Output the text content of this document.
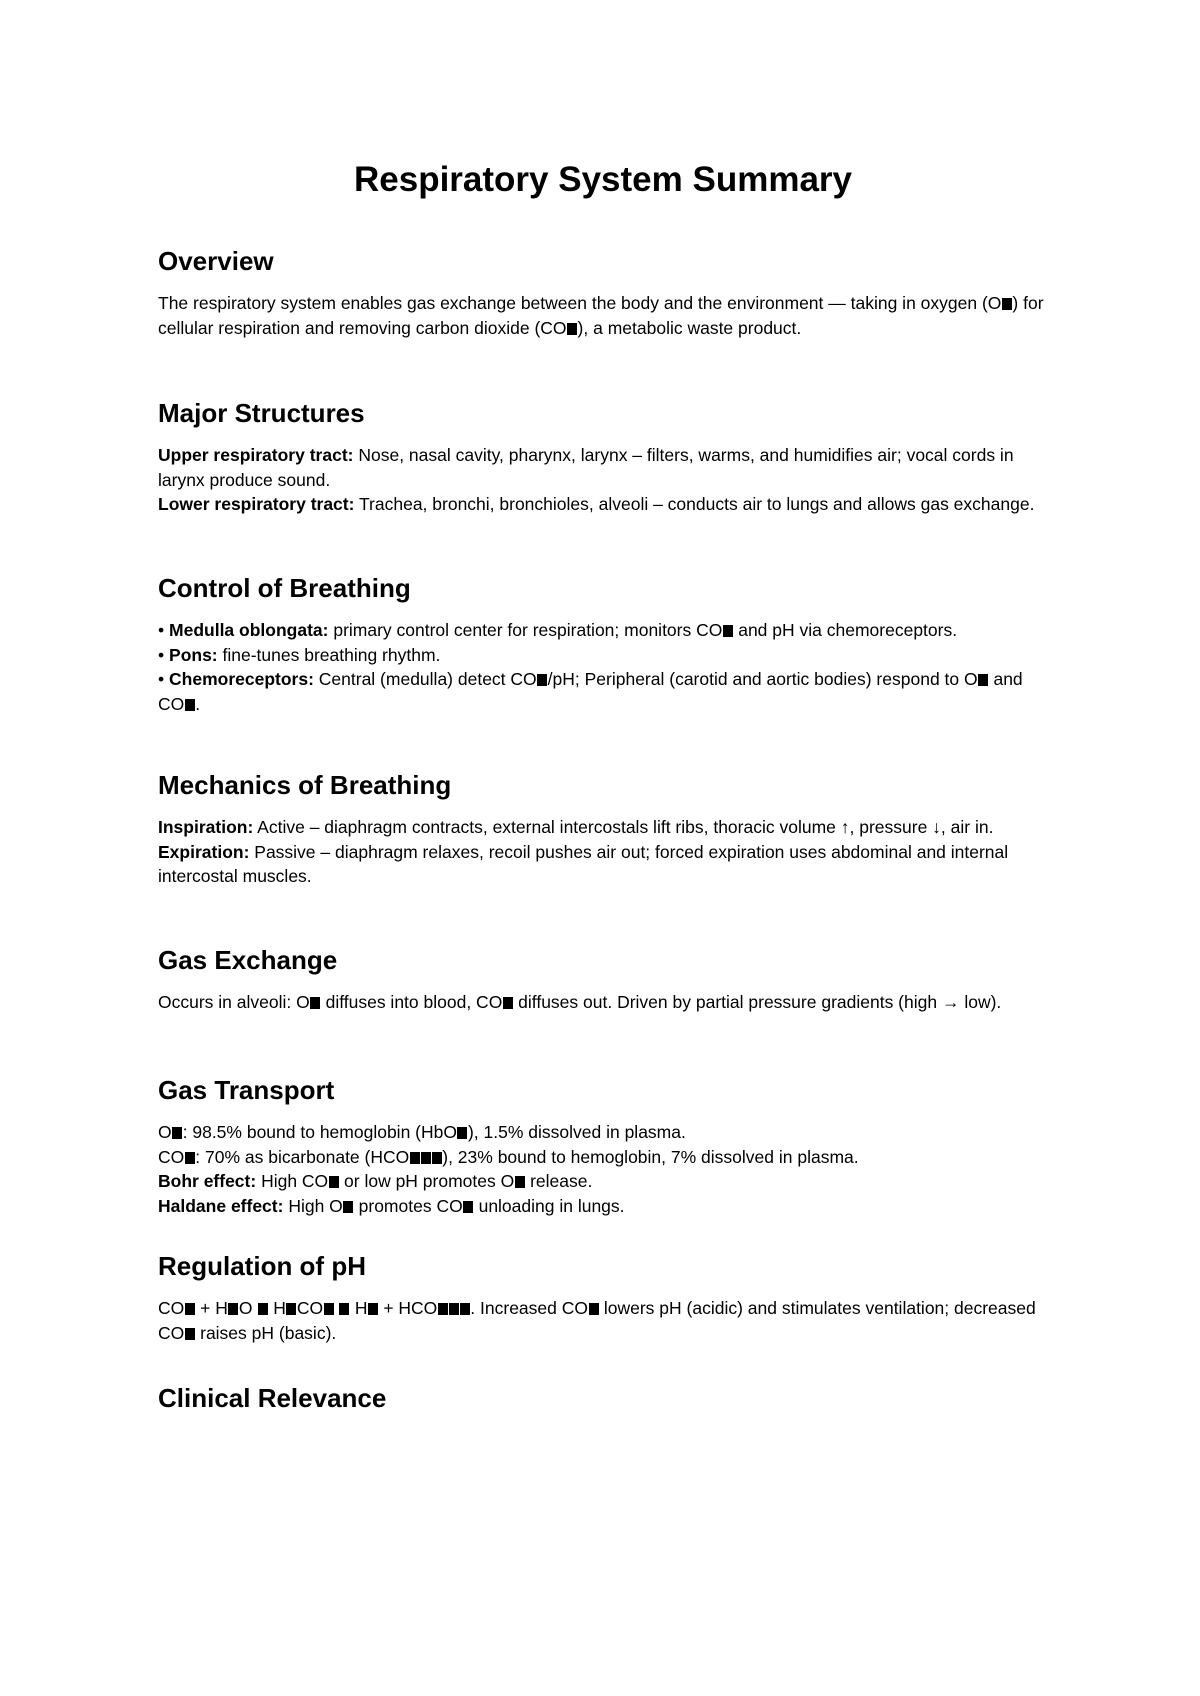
Respiratory System Summary
Overview

The respiratory system enables gas exchange between the body and the environment — taking in oxygen (O ) for cellular respiration and removing carbon dioxide (CO ), a metabolic waste product.

Major Structures

Upper respiratory tract: Nose, nasal cavity, pharynx, larynx – filters, warms, and humidifies air; vocal cords in larynx produce sound.

Lower respiratory tract: Trachea, bronchi, bronchioles, alveoli – conducts air to lungs and allows gas exchange.

Control of Breathing

• Medulla oblongata: primary control center for respiration; monitors CO and pH via chemoreceptors.

• Pons: fine-tunes breathing rhythm.

• Chemoreceptors: Central (medulla) detect CO /pH; Peripheral (carotid and aortic bodies) respond to O and CO .

Mechanics of Breathing

Inspiration: Active – diaphragm contracts, external intercostals lift ribs, thoracic volume ↑, pressure ↓, air in.

Expiration: Passive – diaphragm relaxes, recoil pushes air out; forced expiration uses abdominal and internal intercostal muscles.

Gas Exchange

Occurs in alveoli: O diffuses into blood, CO diffuses out. Driven by partial pressure gradients (high → low).

Gas Transport

O : 98.5% bound to hemoglobin (HbO ), 1.5% dissolved in plasma.

CO : 70% as bicarbonate (HCO ), 23% bound to hemoglobin, 7% dissolved in plasma.

Bohr effect: High CO or low pH promotes O release.

Haldane effect: High O promotes CO unloading in lungs.

Regulation of pH

CO + H O  H CO  H + HCO . Increased CO lowers pH (acidic) and stimulates ventilation; decreased CO raises pH (basic).

Clinical Relevance
